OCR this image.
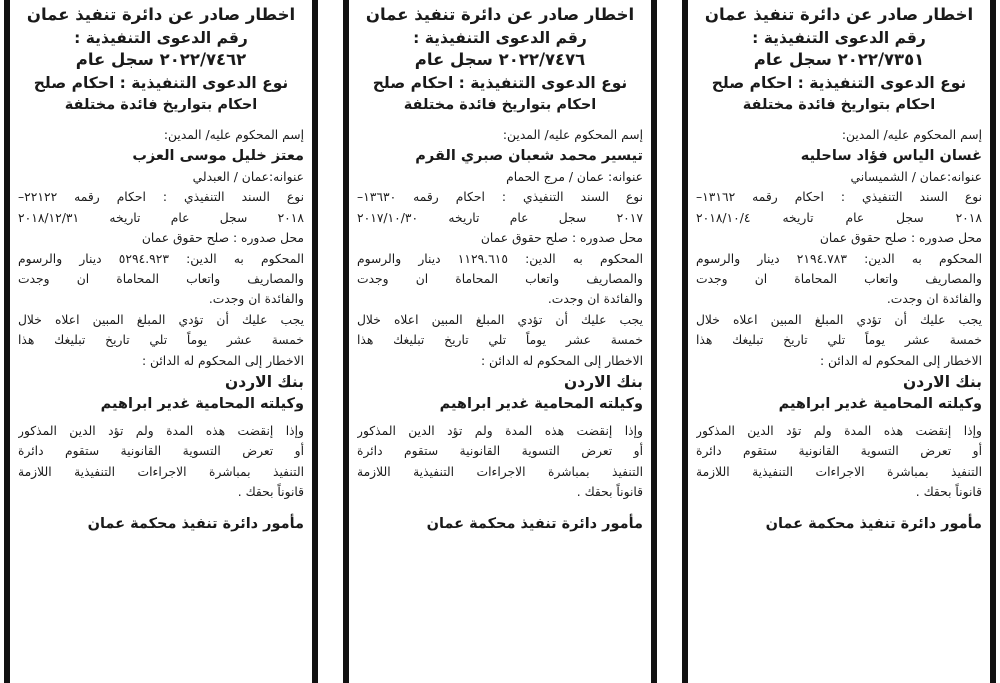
اخطار صادر عن دائرة تنفيذ عمان
رقم الدعوى التنفيذية :
٢٠٢٢/٧٣٥١ سجل عام
نوع الدعوى التنفيذية : احكام صلح
احكام بتواريخ فائدة مختلفة
إسم المحكوم عليه/ المدين:
غسان الياس فؤاد ساحليه
عنوانه:عمان / الشميساني
نوع السند التنفيذي : احكام رقمه ١٣١٦٢–
٢٠١٨ سجل عام تاريخه ٢٠١٨/١٠/٤
محل صدوره : صلح حقوق عمان
المحكوم به الدين: ٢١٩٤.٧٨٣ دينار والرسوم
والمصاريف واتعاب المحاماة ان وجدت
والفائدة ان وجدت.
يجب عليك أن تؤدي المبلغ المبين اعلاه خلال
خمسة عشر يوماً تلي تاريخ تبليغك هذا
الاخطار إلى المحكوم له الدائن :
بنك الاردن
وكيلته المحامية غدير ابراهيم
وإذا إنقضت هذه المدة ولم تؤد الدين المذكور
أو تعرض التسوية القانونية ستقوم دائرة
التنفيذ بمباشرة الاجراءات التنفيذية اللازمة
قانوناً بحقك .
مأمور دائرة تنفيذ محكمة عمان
اخطار صادر عن دائرة تنفيذ عمان
رقم الدعوى التنفيذية :
٢٠٢٢/٧٤٧٦ سجل عام
نوع الدعوى التنفيذية : احكام صلح
احكام بتواريخ فائدة مختلفة
إسم المحكوم عليه/ المدين:
تيسير محمد شعبان صبري القرم
عنوانه: عمان / مرج الحمام
نوع السند التنفيذي : احكام رقمه ١٣٦٣٠–
٢٠١٧ سجل عام تاريخه ٢٠١٧/١٠/٣٠
محل صدوره : صلح حقوق عمان
المحكوم به الدين: ١١٢٩.٦١٥ دينار والرسوم
والمصاريف واتعاب المحاماة ان وجدت
والفائدة ان وجدت.
يجب عليك أن تؤدي المبلغ المبين اعلاه خلال
خمسة عشر يوماً تلي تاريخ تبليغك هذا
الاخطار إلى المحكوم له الدائن :
بنك الاردن
وكيلته المحامية غدير ابراهيم
وإذا إنقضت هذه المدة ولم تؤد الدين المذكور
أو تعرض التسوية القانونية ستقوم دائرة
التنفيذ بمباشرة الاجراءات التنفيذية اللازمة
قانوناً بحقك .
مأمور دائرة تنفيذ محكمة عمان
اخطار صادر عن دائرة تنفيذ عمان
رقم الدعوى التنفيذية :
٢٠٢٢/٧٤٦٢ سجل عام
نوع الدعوى التنفيذية : احكام صلح
احكام بتواريخ فائدة مختلفة
إسم المحكوم عليه/ المدين:
معتز خليل موسى العزب
عنوانه:عمان / العبدلي
نوع السند التنفيذي : احكام رقمه ٢٢١٢٢–
٢٠١٨ سجل عام تاريخه ٢٠١٨/١٢/٣١
محل صدوره : صلح حقوق عمان
المحكوم به الدين: ٥٢٩٤.٩٢٣ دينار والرسوم
والمصاريف واتعاب المحاماة ان وجدت
والفائدة ان وجدت.
يجب عليك أن تؤدي المبلغ المبين اعلاه خلال
خمسة عشر يوماً تلي تاريخ تبليغك هذا
الاخطار إلى المحكوم له الدائن :
بنك الاردن
وكيلته المحامية غدير ابراهيم
وإذا إنقضت هذه المدة ولم تؤد الدين المذكور
أو تعرض التسوية القانونية ستقوم دائرة
التنفيذ بمباشرة الاجراءات التنفيذية اللازمة
قانوناً بحقك .
مأمور دائرة تنفيذ محكمة عمان
